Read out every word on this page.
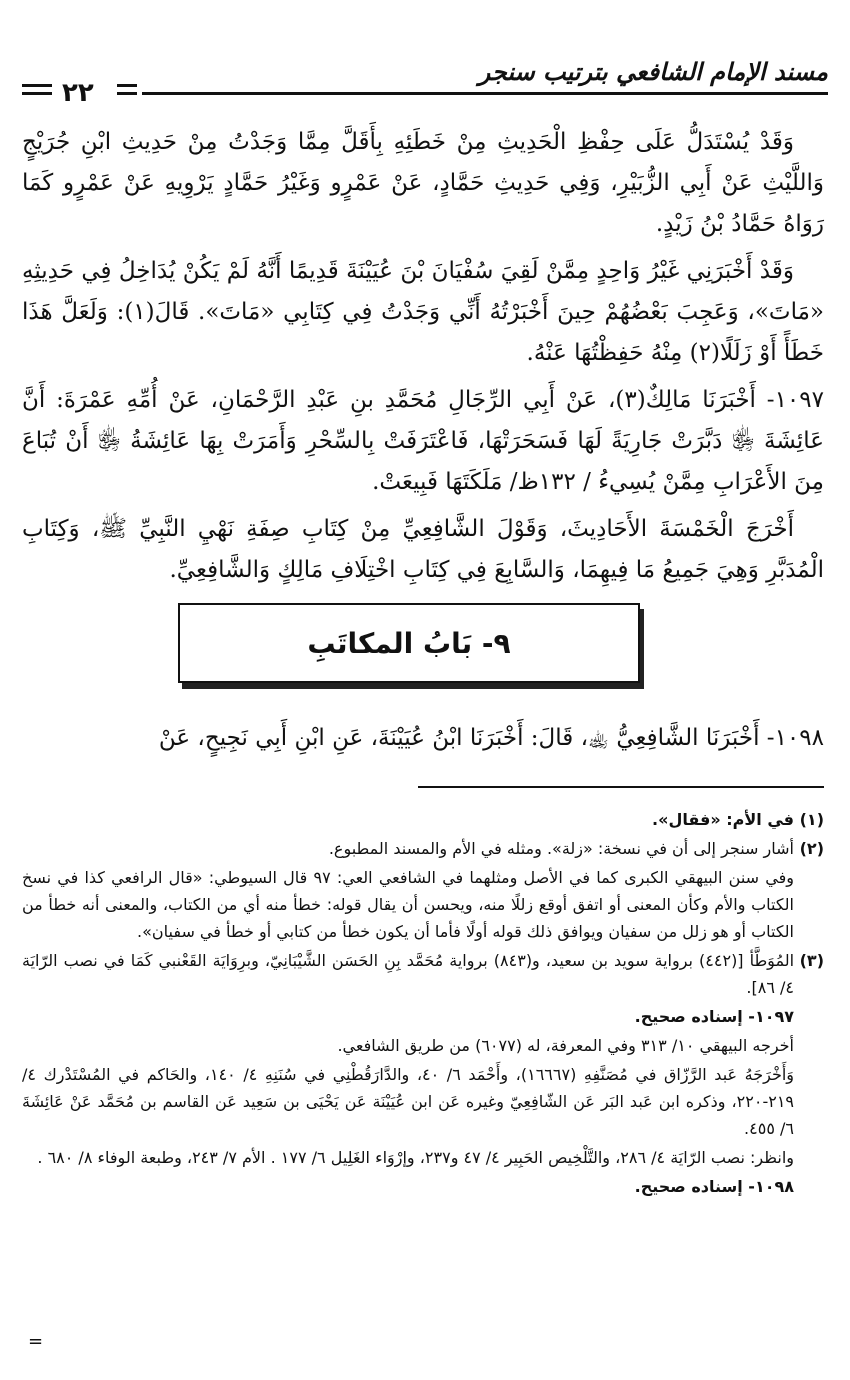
مسند الإمام الشافعي بترتيب سنجر
٢٢

وَقَدْ يُسْتَدَلُّ عَلَى حِفْظِ الْحَدِيثِ مِنْ خَطَئِهِ بِأَقَلَّ مِمَّا وَجَدْتُ مِنْ حَدِيثِ ابْنِ جُرَيْجٍ وَاللَّيْثِ عَنْ أَبِي الزُّبَيْرِ، وَفِي حَدِيثِ حَمَّادٍ، عَنْ عَمْرٍو وَغَيْرُ حَمَّادٍ يَرْوِيهِ عَنْ عَمْرٍو كَمَا رَوَاهُ حَمَّادُ بْنُ زَيْدٍ.

وَقَدْ أَخْبَرَنِي غَيْرُ وَاحِدٍ مِمَّنْ لَقِيَ سُفْيَانَ بْنَ عُيَيْنَةَ قَدِيمًا أَنَّهُ لَمْ يَكُنْ يُدَاخِلُ فِي حَدِيثِهِ «مَاتَ»، وَعَجِبَ بَعْضُهُمْ حِينَ أَخْبَرْتُهُ أَنِّي وَجَدْتُ فِي كِتَابِي «مَاتَ». قَالَ(١): وَلَعَلَّ هَذَا خَطَأً أَوْ زَلَلًا(٢) مِنْهُ حَفِظْتُهَا عَنْهُ.

١٠٩٧- أَخْبَرَنَا مَالِكٌ(٣)، عَنْ أَبِي الرِّجَالِ مُحَمَّدِ بنِ عَبْدِ الرَّحْمَانِ، عَنْ أُمِّهِ عَمْرَةَ: أَنَّ عَائِشَةَ ﵂ دَبَّرَتْ جَارِيَةً لَهَا فَسَحَرَتْهَا، فَاعْتَرَفَتْ بِالسِّحْرِ وَأَمَرَتْ بِهَا عَائِشَةُ ﵂ أَنْ تُبَاعَ مِنَ الأَعْرَابِ مِمَّنْ يُسِيءُ / ١٣٢ظ/ مَلَكَتَهَا فَبِيعَتْ.

أَخْرَجَ الْخَمْسَةَ الأَحَادِيثَ، وَقَوْلَ الشَّافِعِيِّ مِنْ كِتَابِ صِفَةِ نَهْيِ النَّبِيِّ ﷺ، وَكِتَابِ الْمُدَبَّرِ وَهِيَ جَمِيعُ مَا فِيهِمَا، وَالسَّابِعَ فِي كِتَابِ اخْتِلَافِ مَالِكٍ وَالشَّافِعِيِّ.

٩- بَابُ المكاتَبِ
١٠٩٨- أَخْبَرَنَا الشَّافِعِيُّ ﵀، قَالَ: أَخْبَرَنَا ابْنُ عُيَيْنَةَ، عَنِ ابْنِ أَبِي نَجِيحٍ، عَنْ
(١)
في الأم: «فقال».
(٢)
أشار سنجر إلى أن في نسخة: «زلة». ومثله في الأم والمسند المطبوع.
وفي سنن البيهقي الكبرى كما في الأصل ومثلهما في الشافعي العي: ٩٧ قال السيوطي: «قال الرافعي كذا في نسخ الكتاب والأم وكأن المعنى أو اتفق أوقع زللًا منه، ويحسن أن يقال قوله: خطأ منه أي من الكتاب، والمعنى أنه خطأ من الكتاب أو هو زلل من سفيان ويوافق ذلك قوله أولًا فأما أن يكون خطأ من كتابي أو خطأ في سفيان».
(٣)
المُوَطَّأ [(٤٤٢) برواية سويد بن سعيد، و(٨٤٣) برواية مُحَمَّد بِنِ الحَسَن الشَّيْبَانِيّ، وبرِوَايَة القَعْنبي كَمَا في نصب الرّايَة ٤/ ٨٦].
١٠٩٧- إسناده صحيح.
أخرجه البيهقي ١٠/ ٣١٣ وفي المعرفة، له (٦٠٧٧) من طريق الشافعي.
وَأَخْرَجَهُ عَبد الرَّزّاق في مُصَنَّفِهِ (١٦٦٦٧)، وأَحْمَد ٦/ ٤٠، والدَّارَقُطْنِي في سُنَنِهِ ٤/ ١٤٠، والحَاكم في المُسْتَدْرك ٤/ ٢١٩-٢٢٠، وذكره ابن عَبد البَر عَن الشّافِعِيّ وغيره عَن ابن عُيَيْنَة عَن يَحْيَى بن سَعِيد عَن القاسم بن مُحَمَّد عَنْ عَائِشَةَ ٦/ ٤٥٥.
وانظر: نصب الرّايَة ٤/ ٢٨٦، والتَّلْخِيص الحَبِير ٤/ ٤٧ و٢٣٧، وإرْوَاء الغَلِيل ٦/ ١٧٧ . الأم ٧/ ٢٤٣، وطبعة الوفاء ٨/ ٦٨٠ .
١٠٩٨- إسناده صحيح.
=
